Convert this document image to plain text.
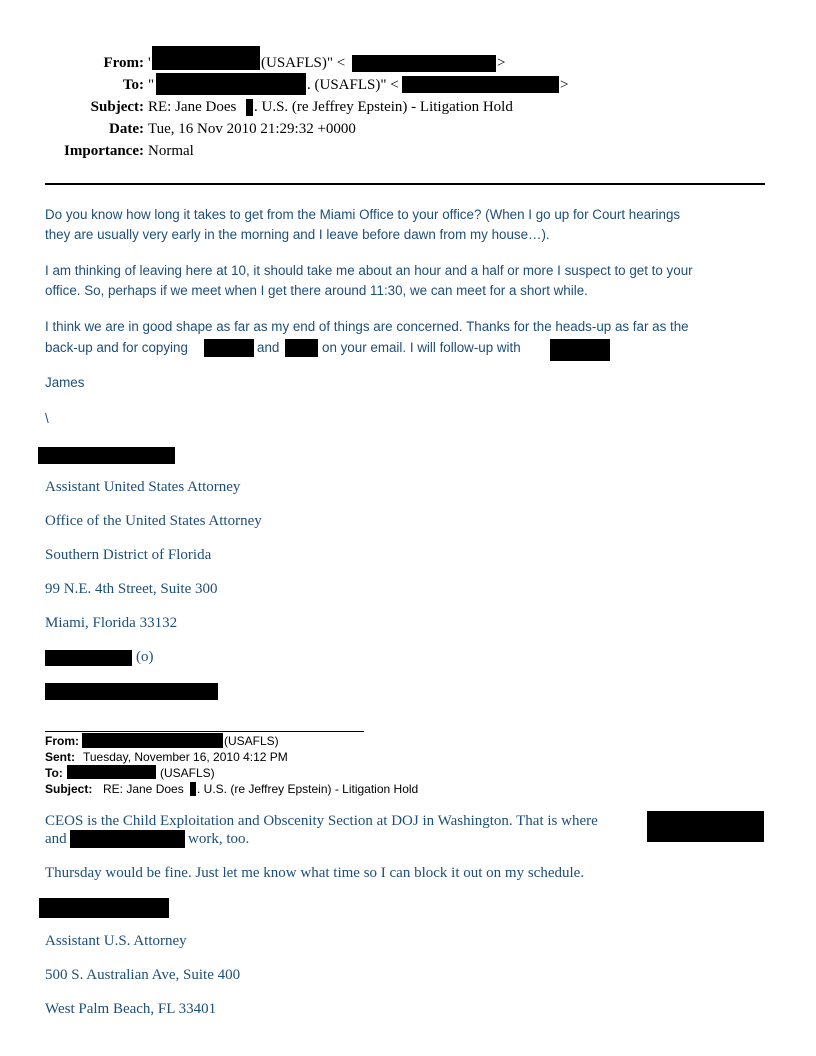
From: '	(USAFLS)" <	>
To: "	. (USAFLS)" <	>
Subject: RE: Jane Does . U.S. (re Jeffrey Epstein) - Litigation Hold
Date: Tue, 16 Nov 2010 21:29:32 +0000
Importance: Normal
Do you know how long it takes to get from the Miami Office to your office? (When I go up for Court hearings
they are usually very early in the morning and I leave before dawn from my house…).
I am thinking of leaving here at 10, it should take me about an hour and a half or more I suspect to get to your
office. So, perhaps if we meet when I get there around 11:30, we can meet for a short while.
I think we are in good shape as far as my end of things are concerned. Thanks for the heads-up as far as the
back-up and for copying	and	on your email. I will follow-up with
James
\
Assistant United States Attorney
Office of the United States Attorney
Southern District of Florida
99 N.E. 4th Street, Suite 300
Miami, Florida 33132
(o)
From:	(USAFLS)
Sent: Tuesday, November 16, 2010 4:12 PM
To:	(USAFLS)
Subject: RE: Jane Does . U.S. (re Jeffrey Epstein) - Litigation Hold
CEOS is the Child Exploitation and Obscenity Section at DOJ in Washington. That is where
and	work, too.
Thursday would be fine. Just let me know what time so I can block it out on my schedule.
Assistant U.S. Attorney
500 S. Australian Ave, Suite 400
West Palm Beach, FL 33401
